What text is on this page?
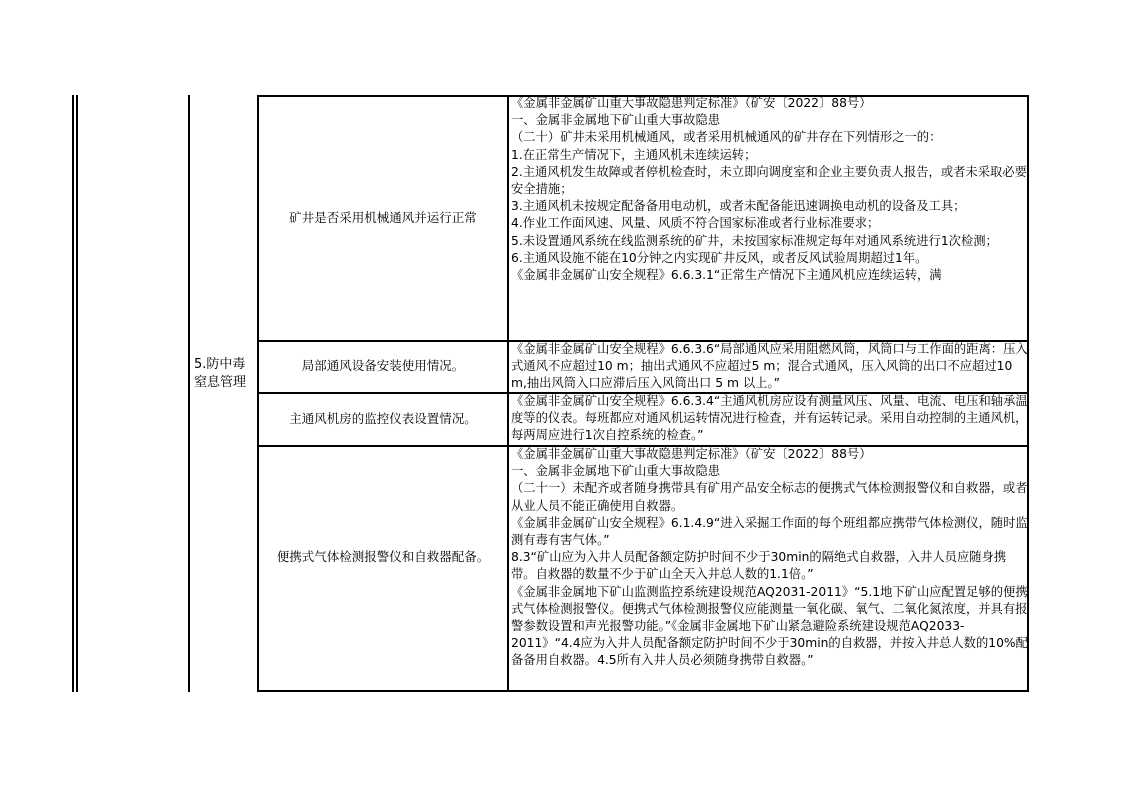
5.防中毒窒息管理
矿井是否采用机械通风并运行正常
《金属非金属矿山重大事故隐患判定标准》（矿安〔2022〕88号）
一、金属非金属地下矿山重大事故隐患
（二十）矿井未采用机械通风，或者采用机械通风的矿井存在下列情形之一的：
1.在正常生产情况下，主通风机未连续运转；
2.主通风机发生故障或者停机检查时，未立即向调度室和企业主要负责人报告，或者未采取必要安全措施；
3.主通风机未按规定配备备用电动机，或者未配备能迅速调换电动机的设备及工具；
4.作业工作面风速、风量、风质不符合国家标准或者行业标准要求；
5.未设置通风系统在线监测系统的矿井，未按国家标准规定每年对通风系统进行1次检测；
6.主通风设施不能在10分钟之内实现矿井反风，或者反风试验周期超过1年。
《金属非金属矿山安全规程》6.6.3.1“正常生产情况下主通风机应连续运转，满
局部通风设备安装使用情况。
《金属非金属矿山安全规程》6.6.3.6“局部通风应采用阻燃风筒，风筒口与工作面的距离：压入式通风不应超过10 m；抽出式通风不应超过5 m；混合式通风，压入风筒的出口不应超过10 m,抽出风筒入口应滞后压入风筒出口 5 m 以上。”
主通风机房的监控仪表设置情况。
《金属非金属矿山安全规程》6.6.3.4“主通风机房应设有测量风压、风量、电流、电压和轴承温度等的仪表。每班都应对通风机运转情况进行检查，并有运转记录。采用自动控制的主通风机，每两周应进行1次自控系统的检查。”
便携式气体检测报警仪和自救器配备。
《金属非金属矿山重大事故隐患判定标准》（矿安〔2022〕88号）
一、金属非金属地下矿山重大事故隐患
（二十一）未配齐或者随身携带具有矿用产品安全标志的便携式气体检测报警仪和自救器，或者从业人员不能正确使用自救器。
《金属非金属矿山安全规程》6.1.4.9“进入采掘工作面的每个班组都应携带气体检测仪，随时监测有毒有害气体。”
8.3“矿山应为入井人员配备额定防护时间不少于30min的隔绝式自救器，入井人员应随身携带。自救器的数量不少于矿山全天入井总人数的1.1倍。”
《金属非金属地下矿山监测监控系统建设规范AQ2031-2011》“5.1地下矿山应配置足够的便携式气体检测报警仪。便携式气体检测报警仪应能测量一氧化碳、氧气、二氧化氮浓度，并具有报警参数设置和声光报警功能。”《金属非金属地下矿山紧急避险系统建设规范AQ2033-2011》“4.4应为入井人员配备额定防护时间不少于30min的自救器，并按入井总人数的10%配备备用自救器。4.5所有入井人员必须随身携带自救器。”
